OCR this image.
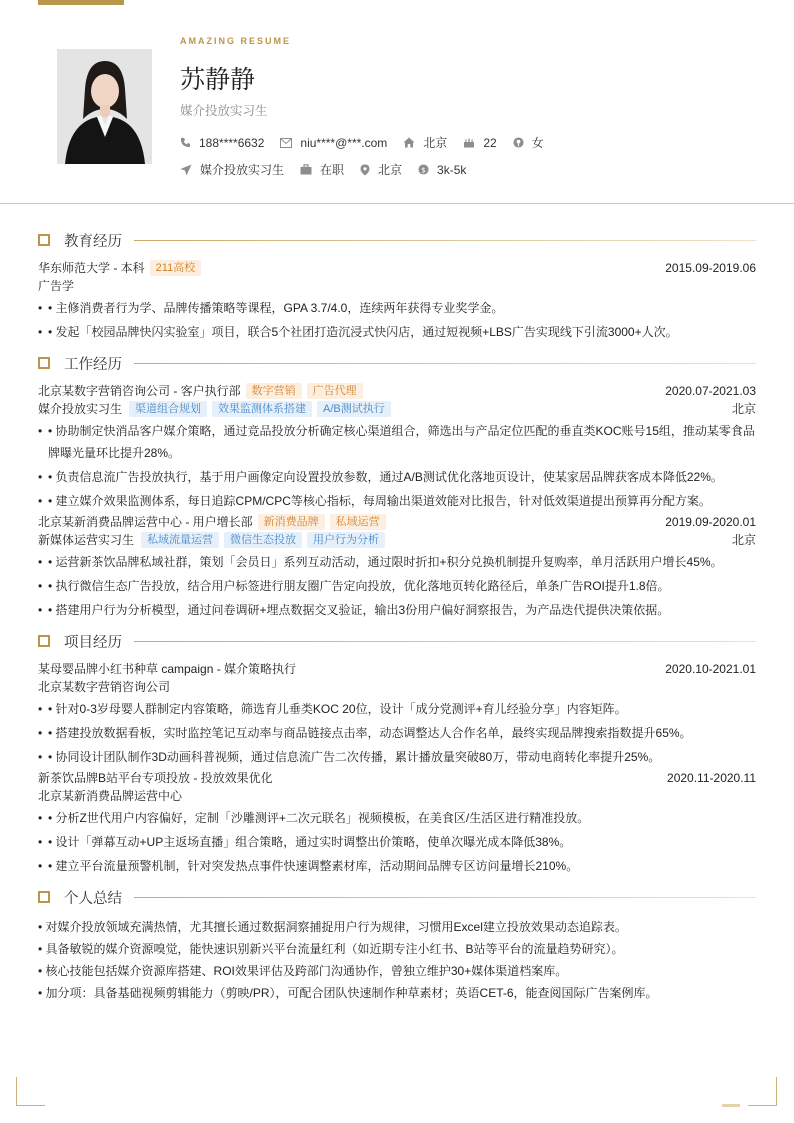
AMAZING RESUME
苏静静
媒介投放实习生
188****6632	niu****@***.com	北京	22	女
媒介投放实习生	在职	北京 $ 3k-5k
教育经历
华东师范大学 - 本科	211高校	2015.09-2019.06
广告学
• • 主修消费者行为学、品牌传播策略等课程，GPA 3.7/4.0，连续两年获得专业奖学金。
• • 发起「校园品牌快闪实验室」项目，联合5个社团打造沉浸式快闪店，通过短视频+LBS广告实现线下引流3000+人次。
工作经历
北京某数字营销咨询公司 - 客户执行部	数字营销	广告代理	2020.07-2021.03
媒介投放实习生	渠道组合规划	效果监测体系搭建	A/B测试执行	北京
• • 协助制定快消品客户媒介策略，通过竞品投放分析确定核心渠道组合，筛选出与产品定位匹配的垂直类KOC账号15组，推动某零食品牌曝光量环比提升28%。
• • 负责信息流广告投放执行，基于用户画像定向设置投放参数，通过A/B测试优化落地页设计，使某家居品牌获客成本降低22%。
• • 建立媒介效果监测体系，每日追踪CPM/CPC等核心指标，每周输出渠道效能对比报告，针对低效渠道提出预算再分配方案。
北京某新消费品牌运营中心 - 用户增长部	新消费品牌	私域运营	2019.09-2020.01
新媒体运营实习生	私域流量运营	微信生态投放	用户行为分析	北京
• • 运营新茶饮品牌私域社群，策划「会员日」系列互动活动，通过限时折扣+积分兑换机制提升复购率，单月活跃用户增长45%。
• • 执行微信生态广告投放，结合用户标签进行朋友圈广告定向投放，优化落地页转化路径后，单条广告ROI提升1.8倍。
• • 搭建用户行为分析模型，通过问卷调研+埋点数据交叉验证，输出3份用户偏好洞察报告，为产品迭代提供决策依据。
项目经历
某母婴品牌小红书种草 campaign - 媒介策略执行	2020.10-2021.01
北京某数字营销咨询公司
• • 针对0-3岁母婴人群制定内容策略，筛选育儿垂类KOC 20位，设计「成分党测评+育儿经验分享」内容矩阵。
• • 搭建投放数据看板，实时监控笔记互动率与商品链接点击率，动态调整达人合作名单，最终实现品牌搜索指数提升65%。
• • 协同设计团队制作3D动画科普视频，通过信息流广告二次传播，累计播放量突破80万，带动电商转化率提升25%。
新茶饮品牌B站平台专项投放 - 投放效果优化	2020.11-2020.11
北京某新消费品牌运营中心
• • 分析Z世代用户内容偏好，定制「沙雕测评+二次元联名」视频模板，在美食区/生活区进行精准投放。
• • 设计「弹幕互动+UP主返场直播」组合策略，通过实时调整出价策略，使单次曝光成本降低38%。
• • 建立平台流量预警机制，针对突发热点事件快速调整素材库，活动期间品牌专区访问量增长210%。
个人总结
• 对媒介投放领域充满热情，尤其擅长通过数据洞察捕捉用户行为规律，习惯用Excel建立投放效果动态追踪表。
• 具备敏锐的媒介资源嗅觉，能快速识别新兴平台流量红利（如近期专注小红书、B站等平台的流量趋势研究）。
• 核心技能包括媒介资源库搭建、ROI效果评估及跨部门沟通协作，曾独立维护30+媒体渠道档案库。
• 加分项：具备基础视频剪辑能力（剪映/PR），可配合团队快速制作种草素材；英语CET-6，能查阅国际广告案例库。
